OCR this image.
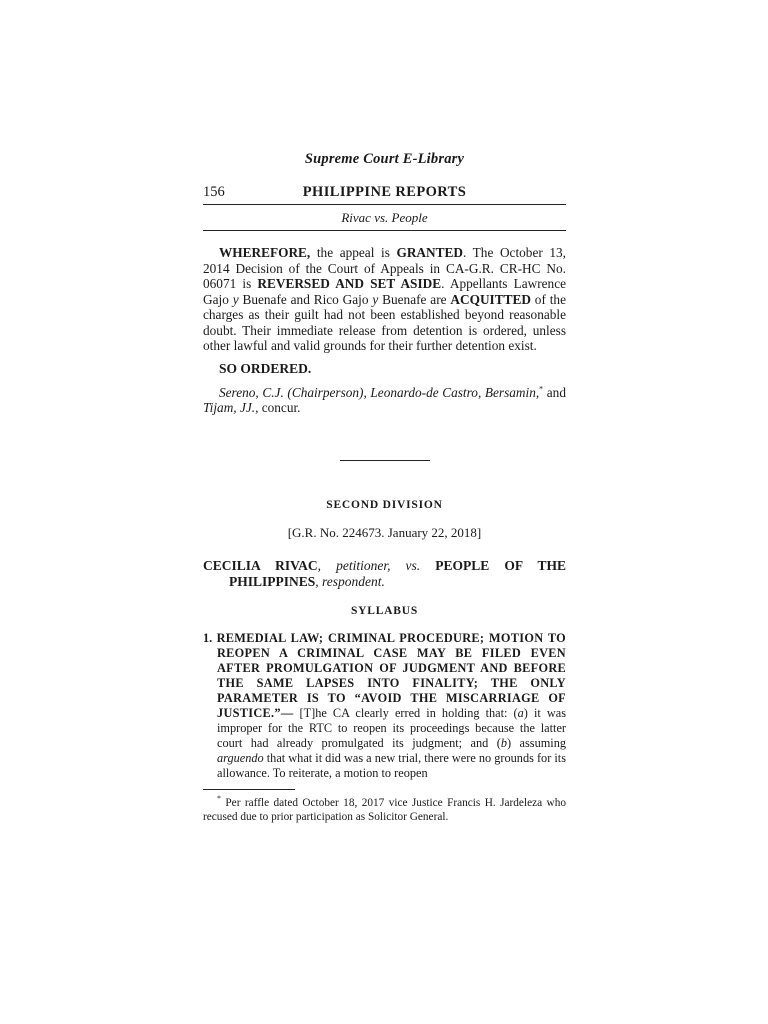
Supreme Court E-Library
156	PHILIPPINE REPORTS
Rivac vs. People

WHEREFORE, the appeal is GRANTED. The October 13, 2014 Decision of the Court of Appeals in CA-G.R. CR-HC No. 06071 is REVERSED AND SET ASIDE. Appellants Lawrence Gajo y Buenafe and Rico Gajo y Buenafe are ACQUITTED of the charges as their guilt had not been established beyond reasonable doubt. Their immediate release from detention is ordered, unless other lawful and valid grounds for their further detention exist.

SO ORDERED.

Sereno, C.J. (Chairperson), Leonardo-de Castro, Bersamin,* and Tijam, JJ., concur.

SECOND DIVISION
[G.R. No. 224673. January 22, 2018]

CECILIA RIVAC, petitioner, vs. PEOPLE OF THE PHILIPPINES, respondent.

SYLLABUS

1. REMEDIAL LAW; CRIMINAL PROCEDURE; MOTION TO REOPEN A CRIMINAL CASE MAY BE FILED EVEN AFTER PROMULGATION OF JUDGMENT AND BEFORE THE SAME LAPSES INTO FINALITY; THE ONLY PARAMETER IS TO “AVOID THE MISCARRIAGE OF JUSTICE.”— [T]he CA clearly erred in holding that: (a) it was improper for the RTC to reopen its proceedings because the latter court had already promulgated its judgment; and (b) assuming arguendo that what it did was a new trial, there were no grounds for its allowance. To reiterate, a motion to reopen

* Per raffle dated October 18, 2017 vice Justice Francis H. Jardeleza who recused due to prior participation as Solicitor General.
